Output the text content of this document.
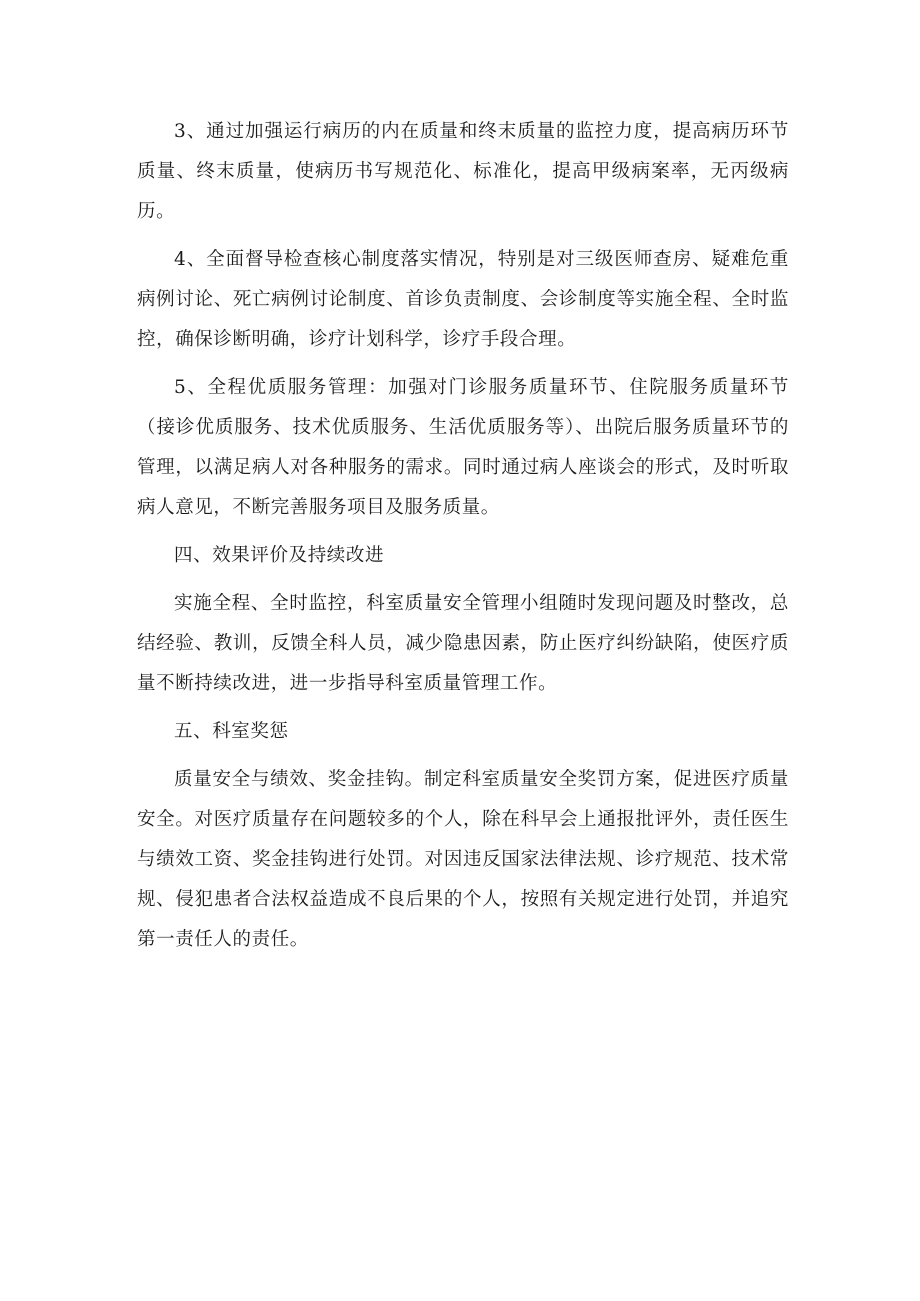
3、通过加强运行病历的内在质量和终末质量的监控力度，提高病历环节质量、终末质量，使病历书写规范化、标准化，提高甲级病案率，无丙级病历。

4、全面督导检查核心制度落实情况，特别是对三级医师查房、疑难危重病例讨论、死亡病例讨论制度、首诊负责制度、会诊制度等实施全程、全时监控，确保诊断明确，诊疗计划科学，诊疗手段合理。

5、全程优质服务管理：加强对门诊服务质量环节、住院服务质量环节（接诊优质服务、技术优质服务、生活优质服务等）、出院后服务质量环节的管理，以满足病人对各种服务的需求。同时通过病人座谈会的形式，及时听取病人意见，不断完善服务项目及服务质量。

四、效果评价及持续改进

实施全程、全时监控，科室质量安全管理小组随时发现问题及时整改，总结经验、教训，反馈全科人员，减少隐患因素，防止医疗纠纷缺陷，使医疗质量不断持续改进，进一步指导科室质量管理工作。

五、科室奖惩

质量安全与绩效、奖金挂钩。制定科室质量安全奖罚方案，促进医疗质量安全。对医疗质量存在问题较多的个人，除在科早会上通报批评外，责任医生与绩效工资、奖金挂钩进行处罚。对因违反国家法律法规、诊疗规范、技术常规、侵犯患者合法权益造成不良后果的个人，按照有关规定进行处罚，并追究第一责任人的责任。
